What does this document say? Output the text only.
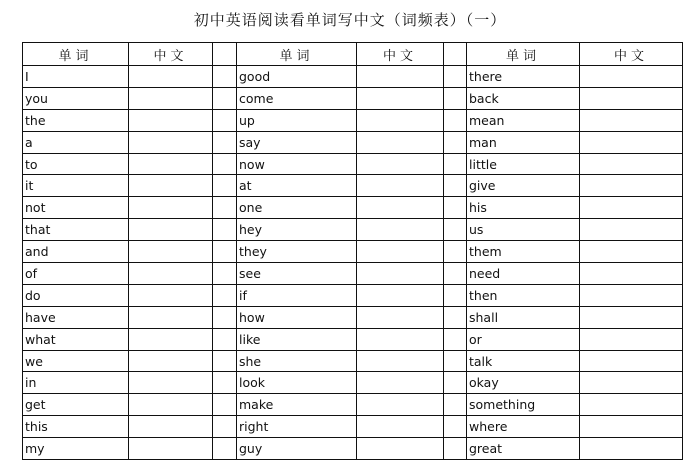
初中英语阅读看单词写中文（词频表）（一）
单词	中文		单词	中文		单词	中文
I			good			there	
you			come			back	
the			up			mean	
a			say			man	
to			now			little	
it			at			give	
not			one			his	
that			hey			us	
and			they			them	
of			see			need	
do			if			then	
have			how			shall	
what			like			or	
we			she			talk	
in			look			okay	
get			make			something	
this			right			where	
my			guy			great	
